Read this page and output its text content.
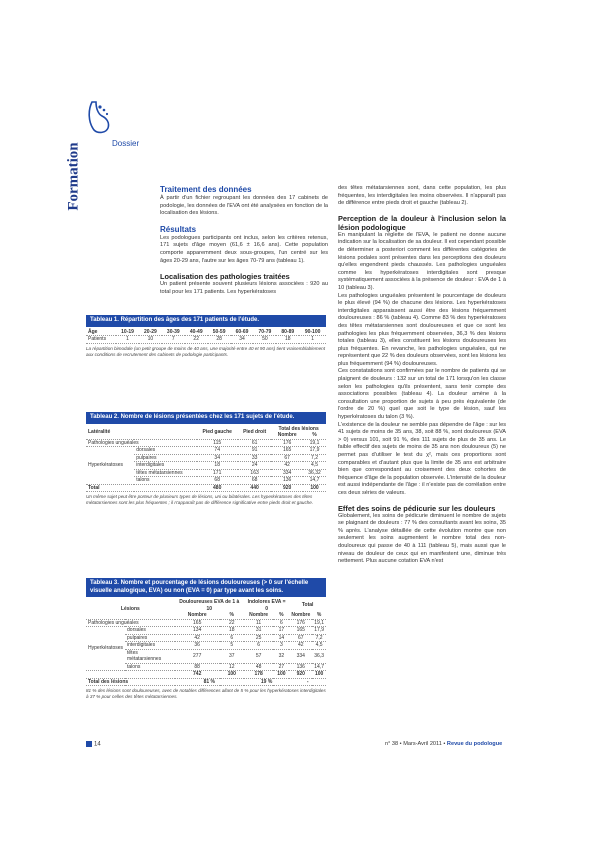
Formation	Dossier

Traitement des données

À partir d'un fichier regroupant les données des 17 cabinets de podologie, les données de l'EVA ont été analysées en fonction de la localisation des lésions.

Résultats

Les podologues participants ont inclus, selon les critères retenus, 171 sujets d'âge moyen (61,6 ± 16,6 ans). Cette population comporte apparemment deux sous-groupes, l'un centré sur les âges 20-29 ans, l'autre sur les âges 70-79 ans (tableau 1).

Localisation des pathologies traitées

Un patient présente souvent plusieurs lésions associées : 920 au total pour les 171 patients. Les hyperkératoses

Tableau 1. Répartition des âges des 171 patients de l'étude.
Âge	10-19	20-29	30-39	40-49	50-59	60-69	70-79	80-89	90-100
Patients	1	10	7	22	28	34	50	18	1
La répartition bimodale (un petit groupe de moins de 40 ans, une majorité entre 40 et 90 ans) tient vraisemblablement aux conditions de recrutement des cabinets de podologie participants.
Tableau 2. Nombre de lésions présentées chez les 171 sujets de l'étude.
Latéralité		Pied gauche	Pied droit	Total des lésions	
				Nombre	%
Pathologies unguéales		115	61	176	19,1
Hyperkératoses	dorsales	74	91	165	17,9
	pulpaires	34	33	67	7,2
	interdigitales	18	24	42	4,5
	têtes métatarsiennes	171	163	334	36,32
	talons	68	68	136	14,7
Total		480	440	920	100
Un même sujet peut être porteur de plusieurs types de lésions, uni ou bilatérales. Les hyperkératoses des têtes métatarsiennes sont les plus fréquentes ; il n'apparaît pas de différence significative entre pieds droit et gauche.
Tableau 3. Nombre et pourcentage de lésions douloureuses (> 0 sur l'échelle visuelle analogique, EVA) ou non (EVA = 0) par type avant les soins.
Lésions		Douloureuses EVA de 1 à 10		Indolores EVA = 0		Total	
		Nombre	%	Nombre	%	Nombre	%
Pathologies unguéales		165	22	11	6	176	19,1
Hyperkératoses	dorsales	134	18	31	17	165	17,9
	pulpaires	42	6	25	14	67	7,2
	interdigitales	36	5	6	3	42	4,5
	têtes métatarsiennes	277	37	57	32	334	36,3
	talons	88	12	48	27	136	14,7
		742	100	178	100	920	100
Total des lésions		81 %		19 %		-	
81 % des lésions sont douloureuses, avec de notables différences allant de 5 % pour les hyperkératoses interdigitales à 37 % pour celles des têtes métatarsiennes.

des têtes métatarsiennes sont, dans cette population, les plus fréquentes, les interdigitales les moins observées. Il n'apparaît pas de différence entre pieds droit et gauche (tableau 2).

Perception de la douleur à l'inclusion selon la lésion podologique

En manipulant la réglette de l'EVA, le patient ne donne aucune indication sur la localisation de sa douleur. Il est cependant possible de déterminer a posteriori comment les différentes catégories de lésions podales sont présentes dans les perceptions des douleurs qu'elles engendrent pieds chaussés. Les pathologies unguéales comme les hyperkératoses interdigitales sont presque systématiquement associées à la présence de douleur : EVA de 1 à 10 (tableau 3).

Les pathologies unguéales présentent le pourcentage de douleurs le plus élevé (94 %) de chacune des lésions. Les hyperkératoses interdigitales apparaissent aussi être des lésions fréquemment douloureuses : 86 % (tableau 4). Comme 83 % des hyperkératoses des têtes métatarsiennes sont douloureuses et que ce sont les pathologies les plus fréquemment observées, 36,3 % des lésions totales (tableau 3), elles constituent les lésions douloureuses les plus fréquentes. En revanche, les pathologies unguéales, qui ne représentent que 22 % des douleurs observées, sont les lésions les plus fréquemment (94 %) douloureuses.

Ces constatations sont confirmées par le nombre de patients qui se plaignent de douleurs : 132 sur un total de 171 lorsqu'on les classe selon les pathologies qu'ils présentent, sans tenir compte des associations possibles (tableau 4). La douleur amène à la consultation une proportion de sujets à peu près équivalente (de l'ordre de 20 %) quel que soit le type de lésion, sauf les hyperkératoses du talon (3 %).

L'existence de la douleur ne semble pas dépendre de l'âge : sur les 41 sujets de moins de 35 ans, 38, soit 88 %, sont douloureux (EVA > 0) versus 101, soit 91 %, des 111 sujets de plus de 35 ans. Le faible effectif des sujets de moins de 35 ans non douloureux (5) ne permet pas d'utiliser le test du χ², mais ces proportions sont comparables et d'autant plus que la limite de 35 ans est arbitraire bien que correspondant au croisement des deux cohortes de fréquence d'âge de la population observée. L'intensité de la douleur est aussi indépendante de l'âge : il n'existe pas de corrélation entre ces deux séries de valeurs.

Effet des soins de pédicurie sur les douleurs

Globalement, les soins de pédicurie diminuent le nombre de sujets se plaignant de douleurs : 77 % des consultants avant les soins, 35 % après. L'analyse détaillée de cette évolution montre que non seulement les soins augmentent le nombre total des non-douloureux qui passe de 40 à 111 (tableau 5), mais aussi que le niveau de douleur de ceux qui en manifestent une, diminue très nettement. Plus aucune cotation EVA n'est

14	n° 38 • Mars-Avril 2011 • Revue du podologue
